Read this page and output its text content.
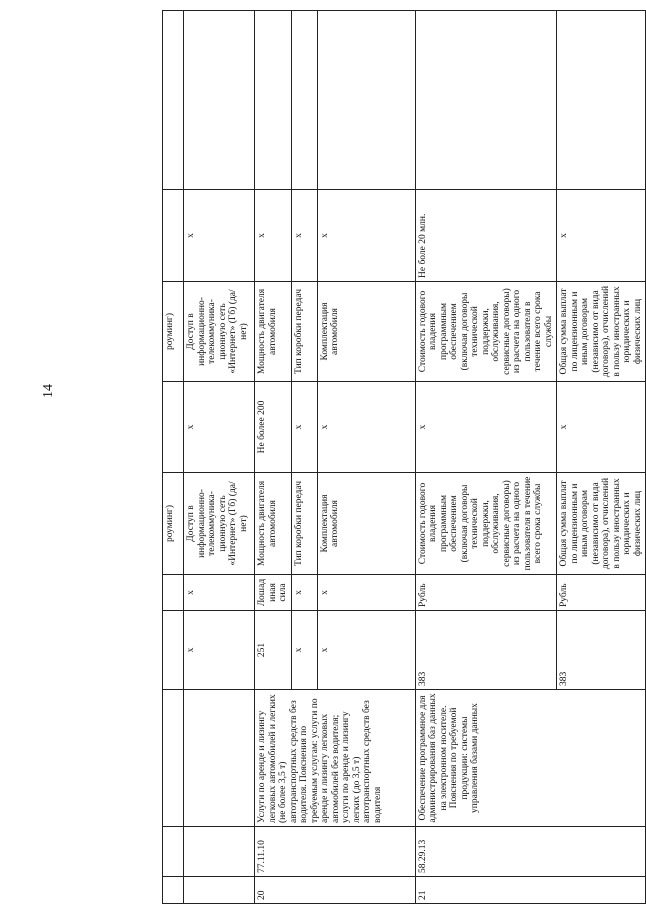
14
					роуминг)		роуминг)		
			х	х	Доступ в информационно-телекоммуника-ционную сеть «Интернет» (Гб) (да/нет)	х	Доступ в информационно-телекоммуника-ционную сеть «Интернет» (Гб) (да/нет)	х	
20	77.11.10	Услуги по аренде и лизингу легковых автомобилей и легких (не более 3,5 т) автотранспортных средств без водителя. Пояснения по требуемым услугам: услуги по аренде и лизингу легковых автомобилей без водителя; услуги по аренде и лизингу легких (до 3,5 т) автотранспортных средств без водителя	251	Лошадиная сила	Мощность двигателя автомобиля	Не более 200	Мощность двигателя автомобиля	х	
			х	х	Тип коробки передач	х	Тип коробки передач	х	
			х	х	Комплектация автомобиля	х	Комплектация автомобиля	х	
21	58.29.13	Обеспечение программное для администрирования баз данных на электронном носителе. Пояснения по требуемой продукции: системы управления базами данных	383	Рубль	Стоимость годового владения программным обеспечением (включая договоры технической поддержки, обслуживания, сервисные договоры) из расчета на одного пользователя в течение всего срока службы	х	Стоимость годового владения программным обеспечением (включая договоры технической поддержки, обслуживания, сервисные договоры) из расчета на одного пользователя в течение всего срока службы	Не боле 20 млн.	
			383	Рубль	Общая сумма выплат по лицензионным и иным договорам (независимо от вида договора), отчислений в пользу иностранных юридических и физических лиц	х	Общая сумма выплат по лицензионным и иным договорам (независимо от вида договора), отчислений в пользу иностранных юридических и физических лиц	х	
